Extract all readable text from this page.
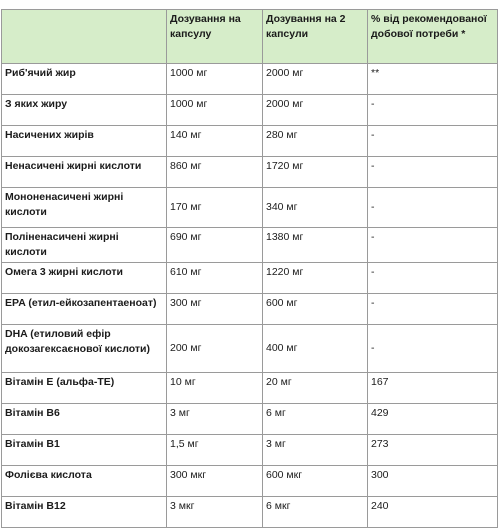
	Дозування на капсулу	Дозування на 2 капсули	% від рекомендованої добової потреби *
Риб'ячий жир	1000 мг	2000 мг	**
З яких жиру	1000 мг	2000 мг	-
Насичених жирів	140 мг	280 мг	-
Ненасичені жирні кислоти	860 мг	1720 мг	-
Мононенасичені жирні кислоти	170 мг	340 мг	-
Поліненасичені жирні кислоти	690 мг	1380 мг	-
Омега 3 жирні кислоти	610 мг	1220 мг	-
EPA (етил-ейкозапентаеноат)	300 мг	600 мг	-
DHA (етиловий ефір докозагексаєнової кислоти)	200 мг	400 мг	-
Вітамін Е (альфа-ТЕ)	10 мг	20 мг	167
Вітамін В6	3 мг	6 мг	429
Вітамін В1	1,5 мг	3 мг	273
Фолієва кислота	300 мкг	600 мкг	300
Вітамін В12	3 мкг	6 мкг	240
